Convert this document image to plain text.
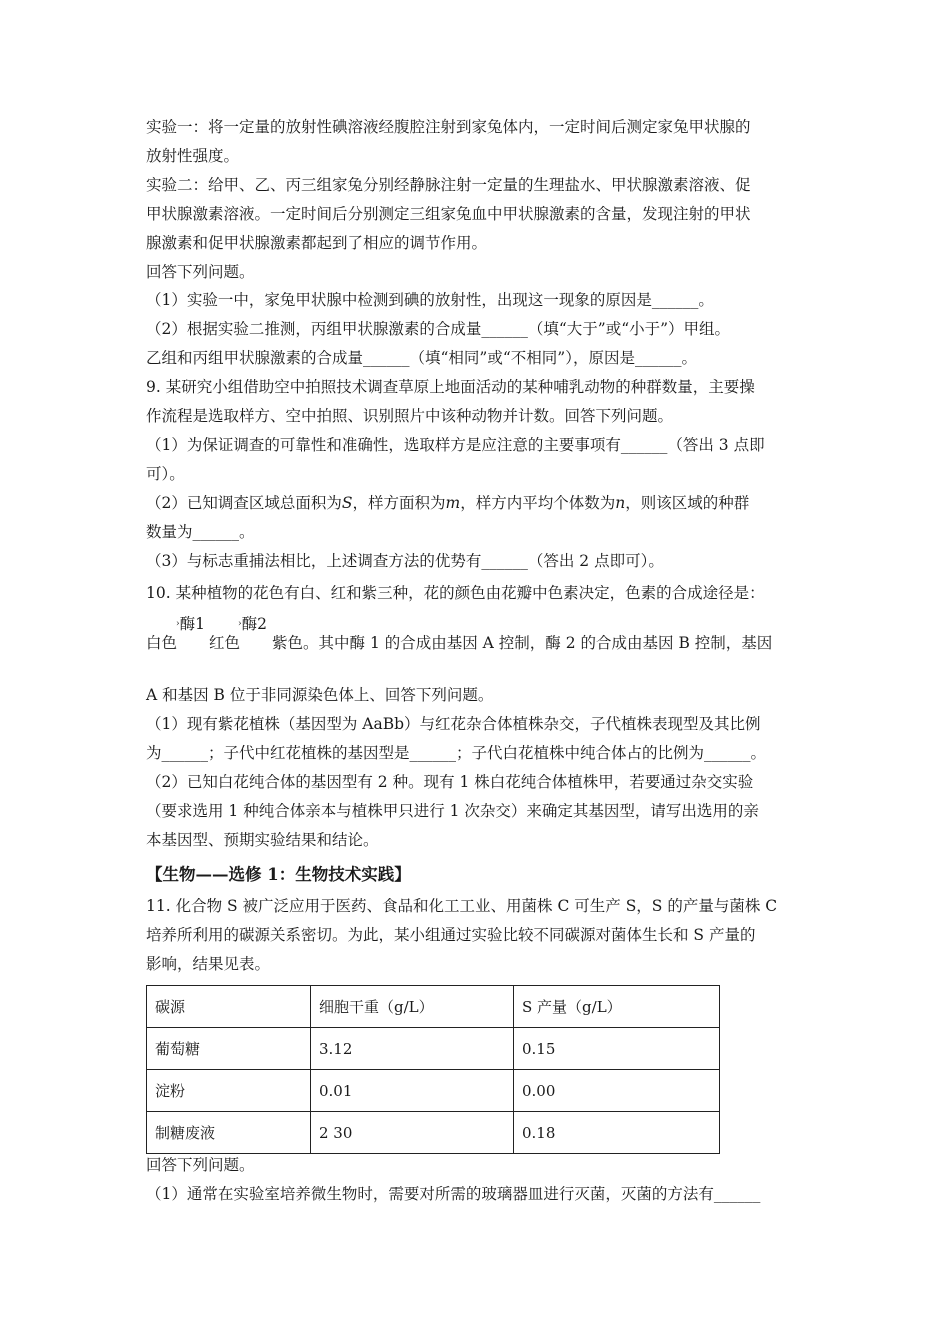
实验一：将一定量的放射性碘溶液经腹腔注射到家兔体内，一定时间后测定家兔甲状腺的
放射性强度。
实验二：给甲、乙、丙三组家兔分别经静脉注射一定量的生理盐水、甲状腺激素溶液、促
甲状腺激素溶液。一定时间后分别测定三组家兔血中甲状腺激素的含量，发现注射的甲状
腺激素和促甲状腺激素都起到了相应的调节作用。
回答下列问题。
（1）实验一中，家兔甲状腺中检测到碘的放射性，出现这一现象的原因是______。
（2）根据实验二推测，丙组甲状腺激素的合成量______（填“大于”或“小于”）甲组。
乙组和丙组甲状腺激素的合成量______（填“相同”或“不相同”），原因是______。
9. 某研究小组借助空中拍照技术调查草原上地面活动的某种哺乳动物的种群数量，主要操
作流程是选取样方、空中拍照、识别照片中该种动物并计数。回答下列问题。
（1）为保证调查的可靠性和准确性，选取样方是应注意的主要事项有______（答出 3 点即
可）。
（2）已知调查区域总面积为S，样方面积为m，样方内平均个体数为n，则该区域的种群
数量为______。
（3）与标志重捕法相比，上述调查方法的优势有______（答出 2 点即可）。
10. 某种植物的花色有白、红和紫三种，花的颜色由花瓣中色素决定，色素的合成途径是：
›酶1	›酶2
白色 红色 紫色。其中酶 1 的合成由基因 A 控制，酶 2 的合成由基因 B 控制，基因
A 和基因 B 位于非同源染色体上、回答下列问题。
（1）现有紫花植株（基因型为 AaBb）与红花杂合体植株杂交，子代植株表现型及其比例
为______；子代中红花植株的基因型是______；子代白花植株中纯合体占的比例为______。
（2）已知白花纯合体的基因型有 2 种。现有 1 株白花纯合体植株甲，若要通过杂交实验
（要求选用 1 种纯合体亲本与植株甲只进行 1 次杂交）来确定其基因型，请写出选用的亲
本基因型、预期实验结果和结论。
【生物——选修 1：生物技术实践】
11. 化合物 S 被广泛应用于医药、食品和化工工业、用菌株 C 可生产 S，S 的产量与菌株 C
培养所利用的碳源关系密切。为此，某小组通过实验比较不同碳源对菌体生长和 S 产量的
影响，结果见表。
碳源	细胞干重（g/L）	S 产量（g/L）
葡萄糖	3.12	0.15
淀粉	0.01	0.00
制糖废液	2 30	0.18
回答下列问题。
（1）通常在实验室培养微生物时，需要对所需的玻璃器皿进行灭菌，灭菌的方法有______
